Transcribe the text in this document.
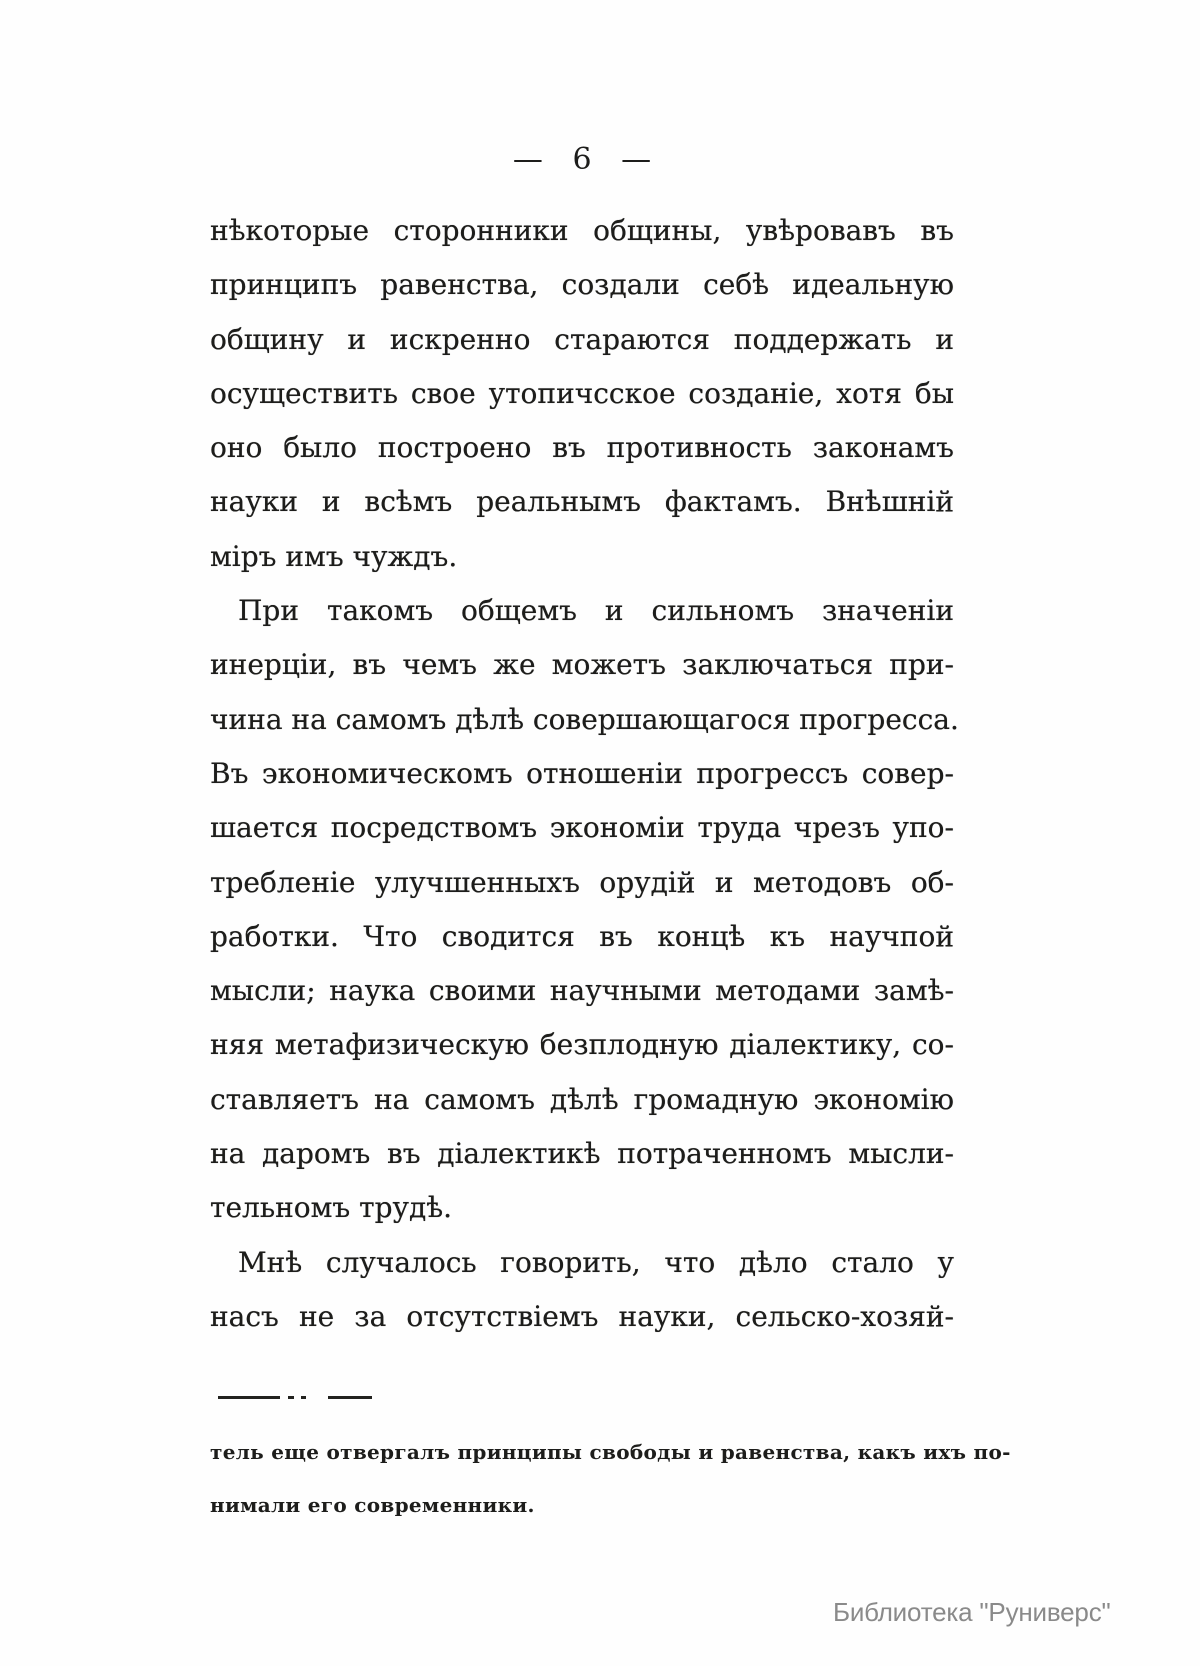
— 6 —
нѣкоторые сторонники общины, увѣровавъ въ
принципъ равенства, создали себѣ идеальную
общину и искренно стараются поддержать и
осуществить свое утопичсское созданіе, хотя бы
оно было построено въ противность законамъ
науки и всѣмъ реальнымъ фактамъ. Внѣшній
міръ имъ чуждъ.
При такомъ общемъ и сильномъ значеніи
инерціи, въ чемъ же можетъ заключаться при-
чина на самомъ дѣлѣ совершающагося прогресса.
Въ экономическомъ отношеніи прогрессъ совер-
шается посредствомъ экономіи труда чрезъ упо-
требленіе улучшенныхъ орудій и методовъ об-
работки. Что сводится въ концѣ къ научпой
мысли; наука своими научными методами замѣ-
няя метафизическую безплодную діалектику, со-
ставляетъ на самомъ дѣлѣ громадную экономію
на даромъ въ діалектикѣ потраченномъ мысли-
тельномъ трудѣ.
Мнѣ случалось говорить, что дѣло стало у
насъ не за отсутствіемъ науки, сельско-хозяй-
тель еще отвергалъ принципы свободы и равенства, какъ ихъ по-
нимали его современники.
Библиотека "Руниверс"
